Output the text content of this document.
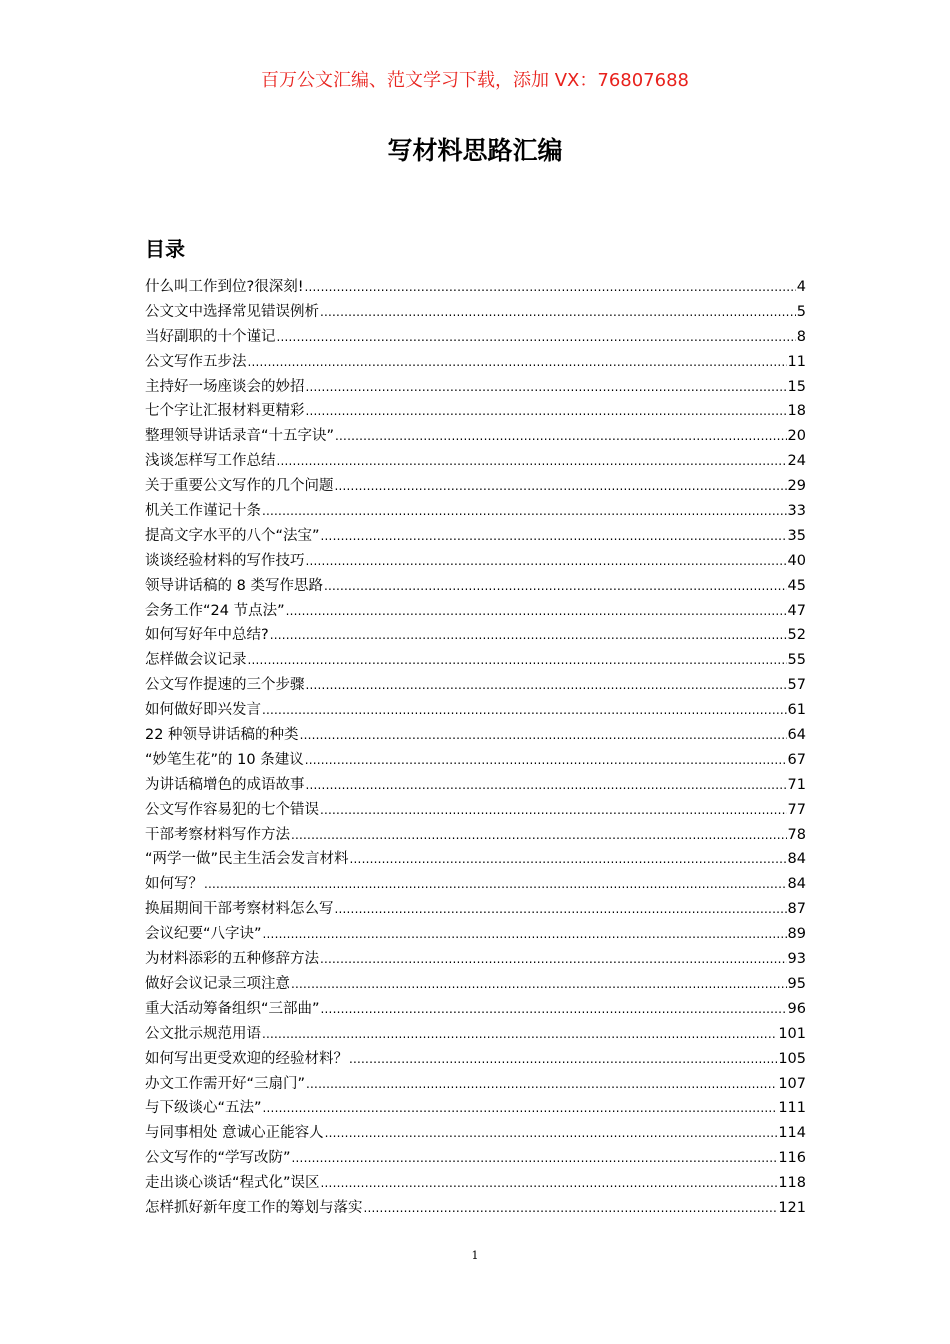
百万公文汇编、范文学习下载，添加 VX：76807688
写材料思路汇编
目录
什么叫工作到位?很深刻! .....	4
公文文中选择常见错误例析 .....	5
当好副职的十个谨记 .....	8
公文写作五步法 .....	11
主持好一场座谈会的妙招 .....	15
七个字让汇报材料更精彩 .....	18
整理领导讲话录音“十五字诀” .....	20
浅谈怎样写工作总结 .....	24
关于重要公文写作的几个问题 .....	29
机关工作谨记十条 .....	33
提高文字水平的八个“法宝” .....	35
谈谈经验材料的写作技巧 .....	40
领导讲话稿的 8 类写作思路 .....	45
会务工作“24 节点法” .....	47
如何写好年中总结? .....	52
怎样做会议记录 .....	55
公文写作提速的三个步骤 .....	57
如何做好即兴发言 .....	61
22 种领导讲话稿的种类 .....	64
“妙笔生花”的 10 条建议 .....	67
为讲话稿增色的成语故事 .....	71
公文写作容易犯的七个错误 .....	77
干部考察材料写作方法 .....	78
“两学一做”民主生活会发言材料 .....	84
如何写？ .....	84
换届期间干部考察材料怎么写 .....	87
会议纪要“八字诀” .....	89
为材料添彩的五种修辞方法 .....	93
做好会议记录三项注意 .....	95
重大活动筹备组织“三部曲” .....	96
公文批示规范用语 .....	101
如何写出更受欢迎的经验材料？ .....	105
办文工作需开好“三扇门” .....	107
与下级谈心“五法” .....	111
与同事相处 意诚心正能容人 .....	114
公文写作的“学写改防” .....	116
走出谈心谈话“程式化”误区 .....	118
怎样抓好新年度工作的筹划与落实 .....	121
1
